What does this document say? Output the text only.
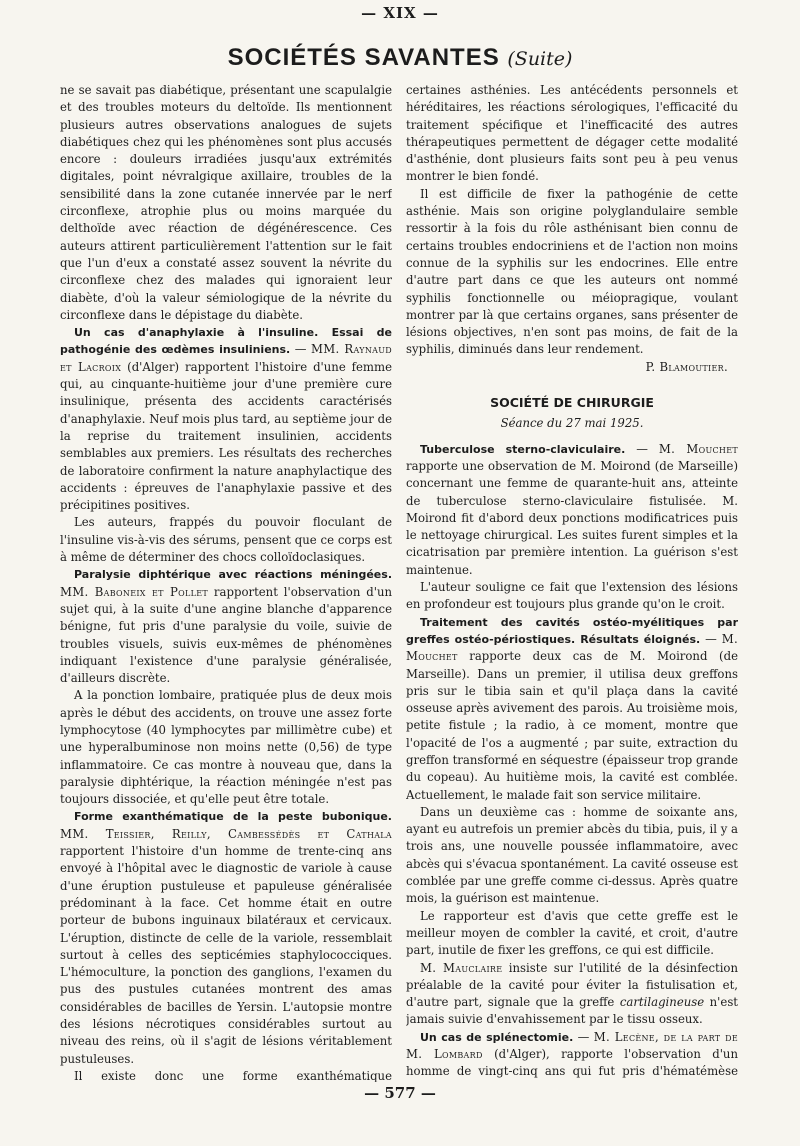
— XIX —
SOCIÉTÉS SAVANTES (Suite)

ne se savait pas diabétique, présentant une scapulalgie et des troubles moteurs du deltoïde. Ils mentionnent plusieurs autres observations analogues de sujets diabétiques chez qui les phénomènes sont plus accusés encore : douleurs irradiées jusqu'aux extrémités digitales, point névralgique axillaire, troubles de la sensibilité dans la zone cutanée innervée par le nerf circonflexe, atrophie plus ou moins marquée du delthoïde avec réaction de dégénérescence. Ces auteurs attirent particulièrement l'attention sur le fait que l'un d'eux a constaté assez souvent la névrite du circonflexe chez des malades qui ignoraient leur diabète, d'où la valeur sémiologique de la névrite du circonflexe dans le dépistage du diabète.

Un cas d'anaphylaxie à l'insuline. Essai de pathogénie des œdèmes insuliniens. — MM. Raynaud et Lacroix (d'Alger) rapportent l'histoire d'une femme qui, au cinquante-huitième jour d'une première cure insulinique, présenta des accidents caractérisés d'anaphylaxie. Neuf mois plus tard, au septième jour de la reprise du traitement insulinien, accidents semblables aux premiers. Les résultats des recherches de laboratoire confirment la nature anaphylactique des accidents : épreuves de l'anaphylaxie passive et des précipitines positives.

Les auteurs, frappés du pouvoir floculant de l'insuline vis-à-vis des sérums, pensent que ce corps est à même de déterminer des chocs colloïdoclasiques.

Paralysie diphtérique avec réactions méningées. MM. Baboneix et Pollet rapportent l'observation d'un sujet qui, à la suite d'une angine blanche d'apparence bénigne, fut pris d'une paralysie du voile, suivie de troubles visuels, suivis eux-mêmes de phénomènes indiquant l'existence d'une paralysie généralisée, d'ailleurs discrète.

A la ponction lombaire, pratiquée plus de deux mois après le début des accidents, on trouve une assez forte lymphocytose (40 lymphocytes par millimètre cube) et une hyperalbuminose non moins nette (0,56) de type inflammatoire. Ce cas montre à nouveau que, dans la paralysie diphtérique, la réaction méningée n'est pas toujours dissociée, et qu'elle peut être totale.

Forme exanthématique de la peste bubonique. MM. Teissier, Reilly, Cambessédès et Cathala rapportent l'histoire d'un homme de trente-cinq ans envoyé à l'hôpital avec le diagnostic de variole à cause d'une éruption pustuleuse et papuleuse généralisée prédominant à la face. Cet homme était en outre porteur de bubons inguinaux bilatéraux et cervicaux. L'éruption, distincte de celle de la variole, ressemblait surtout à celles des septicémies staphylococciques. L'hémoculture, la ponction des ganglions, l'examen du pus des pustules cutanées montrent des amas considérables de bacilles de Yersin. L'autopsie montre des lésions nécrotiques considérables surtout au niveau des reins, où il s'agit de lésions véritablement pustuleuses.

Il existe donc une forme exanthématique

certaines asthénies. Les antécédents personnels et héréditaires, les réactions sérologiques, l'efficacité du traitement spécifique et l'inefficacité des autres thérapeutiques permettent de dégager cette modalité d'asthénie, dont plusieurs faits sont peu à peu venus montrer le bien fondé.

Il est difficile de fixer la pathogénie de cette asthénie. Mais son origine polyglandulaire semble ressortir à la fois du rôle asthénisant bien connu de certains troubles endocriniens et de l'action non moins connue de la syphilis sur les endocrines. Elle entre d'autre part dans ce que les auteurs ont nommé syphilis fonctionnelle ou méiopragique, voulant montrer par là que certains organes, sans présenter de lésions objectives, n'en sont pas moins, de fait de la syphilis, diminués dans leur rendement.

P. Blamoutier.

SOCIÉTÉ DE CHIRURGIE
Séance du 27 mai 1925.

Tuberculose sterno-claviculaire. — M. Mouchet rapporte une observation de M. Moirond (de Marseille) concernant une femme de quarante-huit ans, atteinte de tuberculose sterno-claviculaire fistulisée. M. Moirond fit d'abord deux ponctions modificatrices puis le nettoyage chirurgical. Les suites furent simples et la cicatrisation par première intention. La guérison s'est maintenue.

L'auteur souligne ce fait que l'extension des lésions en profondeur est toujours plus grande qu'on le croit.

Traitement des cavités ostéo-myélitiques par greffes ostéo-périostiques. Résultats éloignés. — M. Mouchet rapporte deux cas de M. Moirond (de Marseille). Dans un premier, il utilisa deux greffons pris sur le tibia sain et qu'il plaça dans la cavité osseuse après avivement des parois. Au troisième mois, petite fistule ; la radio, à ce moment, montre que l'opacité de l'os a augmenté ; par suite, extraction du greffon transformé en séquestre (épaisseur trop grande du copeau). Au huitième mois, la cavité est comblée. Actuellement, le malade fait son service militaire.

Dans un deuxième cas : homme de soixante ans, ayant eu autrefois un premier abcès du tibia, puis, il y a trois ans, une nouvelle poussée inflammatoire, avec abcès qui s'évacua spontanément. La cavité osseuse est comblée par une greffe comme ci-dessus. Après quatre mois, la guérison est maintenue.

Le rapporteur est d'avis que cette greffe est le meilleur moyen de combler la cavité, et croit, d'autre part, inutile de fixer les greffons, ce qui est difficile.

M. Mauclaire insiste sur l'utilité de la désinfection préalable de la cavité pour éviter la fistulisation et, d'autre part, signale que la greffe cartilagineuse n'est jamais suivie d'envahissement par le tissu osseux.

Un cas de splénectomie. — M. Lecène, de la part de M. Lombard (d'Alger), rapporte l'observation d'un homme de vingt-cinq ans qui fut pris d'hématémèse

— 577 —
